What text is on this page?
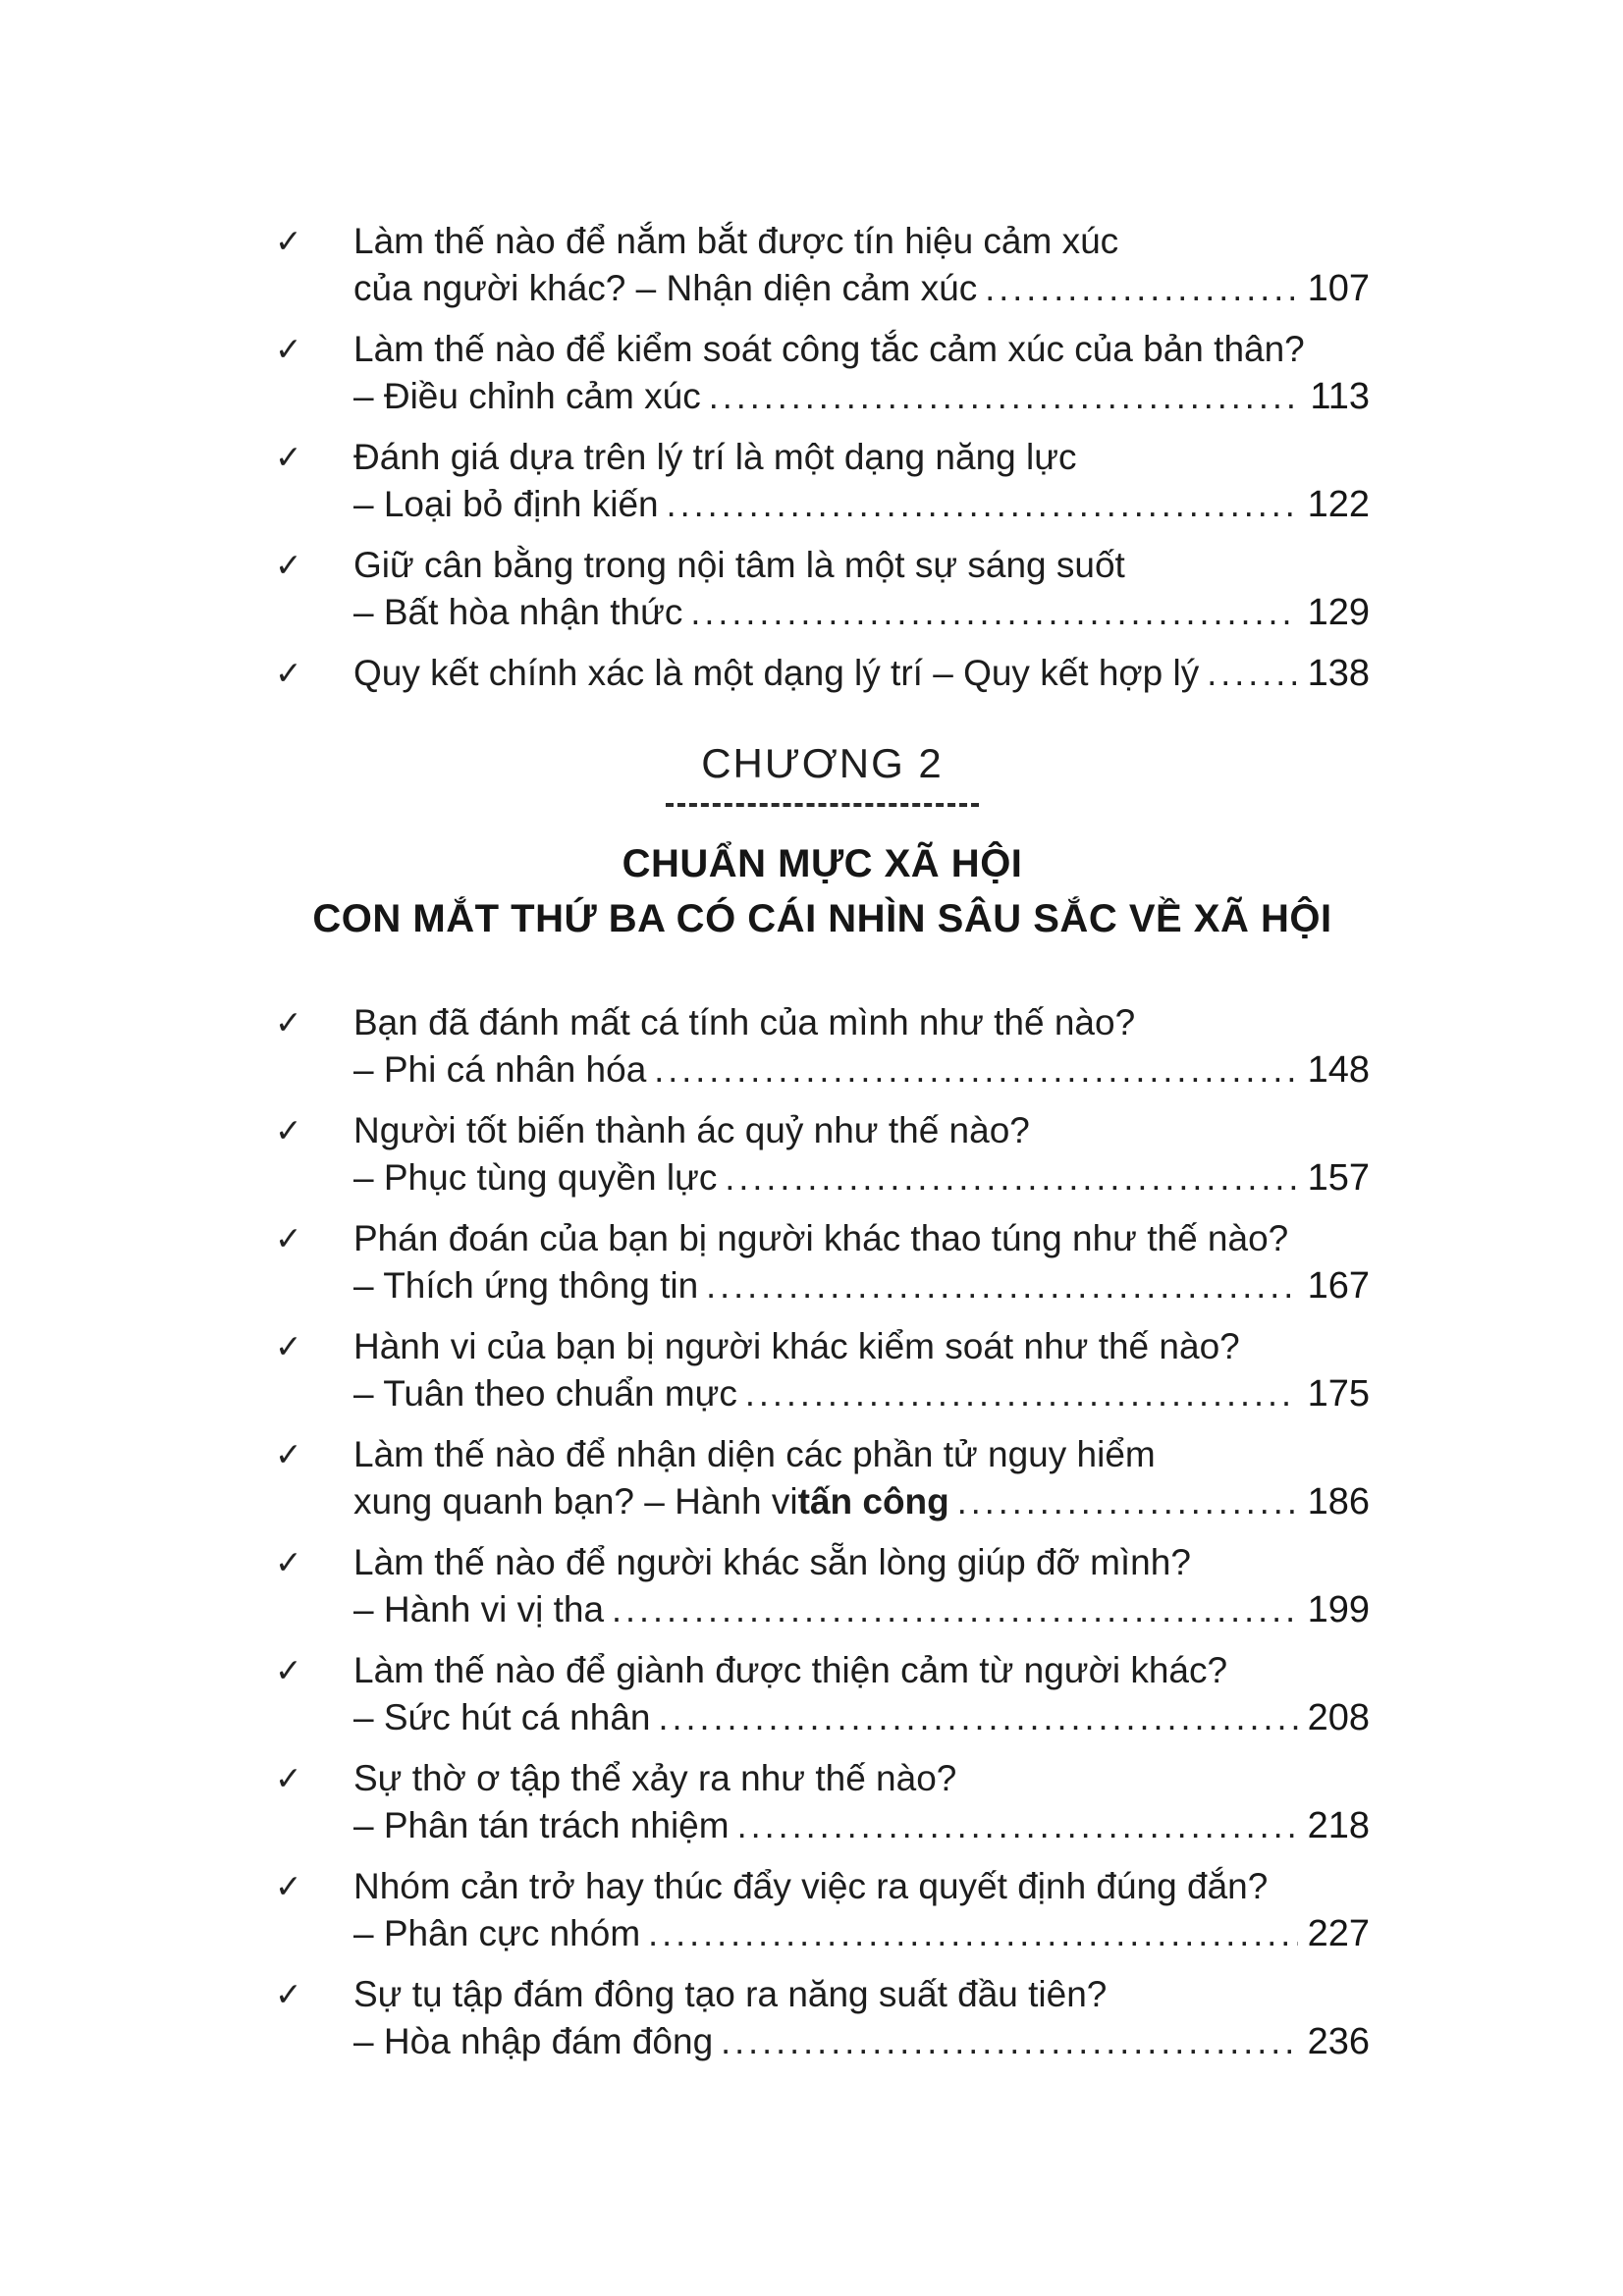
✓	Làm thế nào để nắm bắt được tín hiệu cảm xúc
của người khác? – Nhận diện cảm xúc .....	107
✓	Làm thế nào để kiểm soát công tắc cảm xúc của bản thân?
– Điều chỉnh cảm xúc .....	113
✓	Đánh giá dựa trên lý trí là một dạng năng lực
– Loại bỏ định kiến .....	122
✓	Giữ cân bằng trong nội tâm là một sự sáng suốt
– Bất hòa nhận thức .....	129
✓	Quy kết chính xác là một dạng lý trí – Quy kết hợp lý .....	138
CHƯƠNG 2
CHUẨN MỰC XÃ HỘI
CON MẮT THỨ BA CÓ CÁI NHÌN SÂU SẮC VỀ XÃ HỘI
✓	Bạn đã đánh mất cá tính của mình như thế nào?
– Phi cá nhân hóa .....	148
✓	Người tốt biến thành ác quỷ như thế nào?
– Phục tùng quyền lực .....	157
✓	Phán đoán của bạn bị người khác thao túng như thế nào?
– Thích ứng thông tin .....	167
✓	Hành vi của bạn bị người khác kiểm soát như thế nào?
– Tuân theo chuẩn mực .....	175
✓	Làm thế nào để nhận diện các phần tử nguy hiểm
xung quanh bạn? – Hành vi tấn công .....	186
✓	Làm thế nào để người khác sẵn lòng giúp đỡ mình?
– Hành vi vị tha .....	199
✓	Làm thế nào để giành được thiện cảm từ người khác?
– Sức hút cá nhân .....	208
✓	Sự thờ ơ tập thể xảy ra như thế nào?
– Phân tán trách nhiệm .....	218
✓	Nhóm cản trở hay thúc đẩy việc ra quyết định đúng đắn?
– Phân cực nhóm .....	227
✓	Sự tụ tập đám đông tạo ra năng suất đầu tiên?
– Hòa nhập đám đông .....	236
